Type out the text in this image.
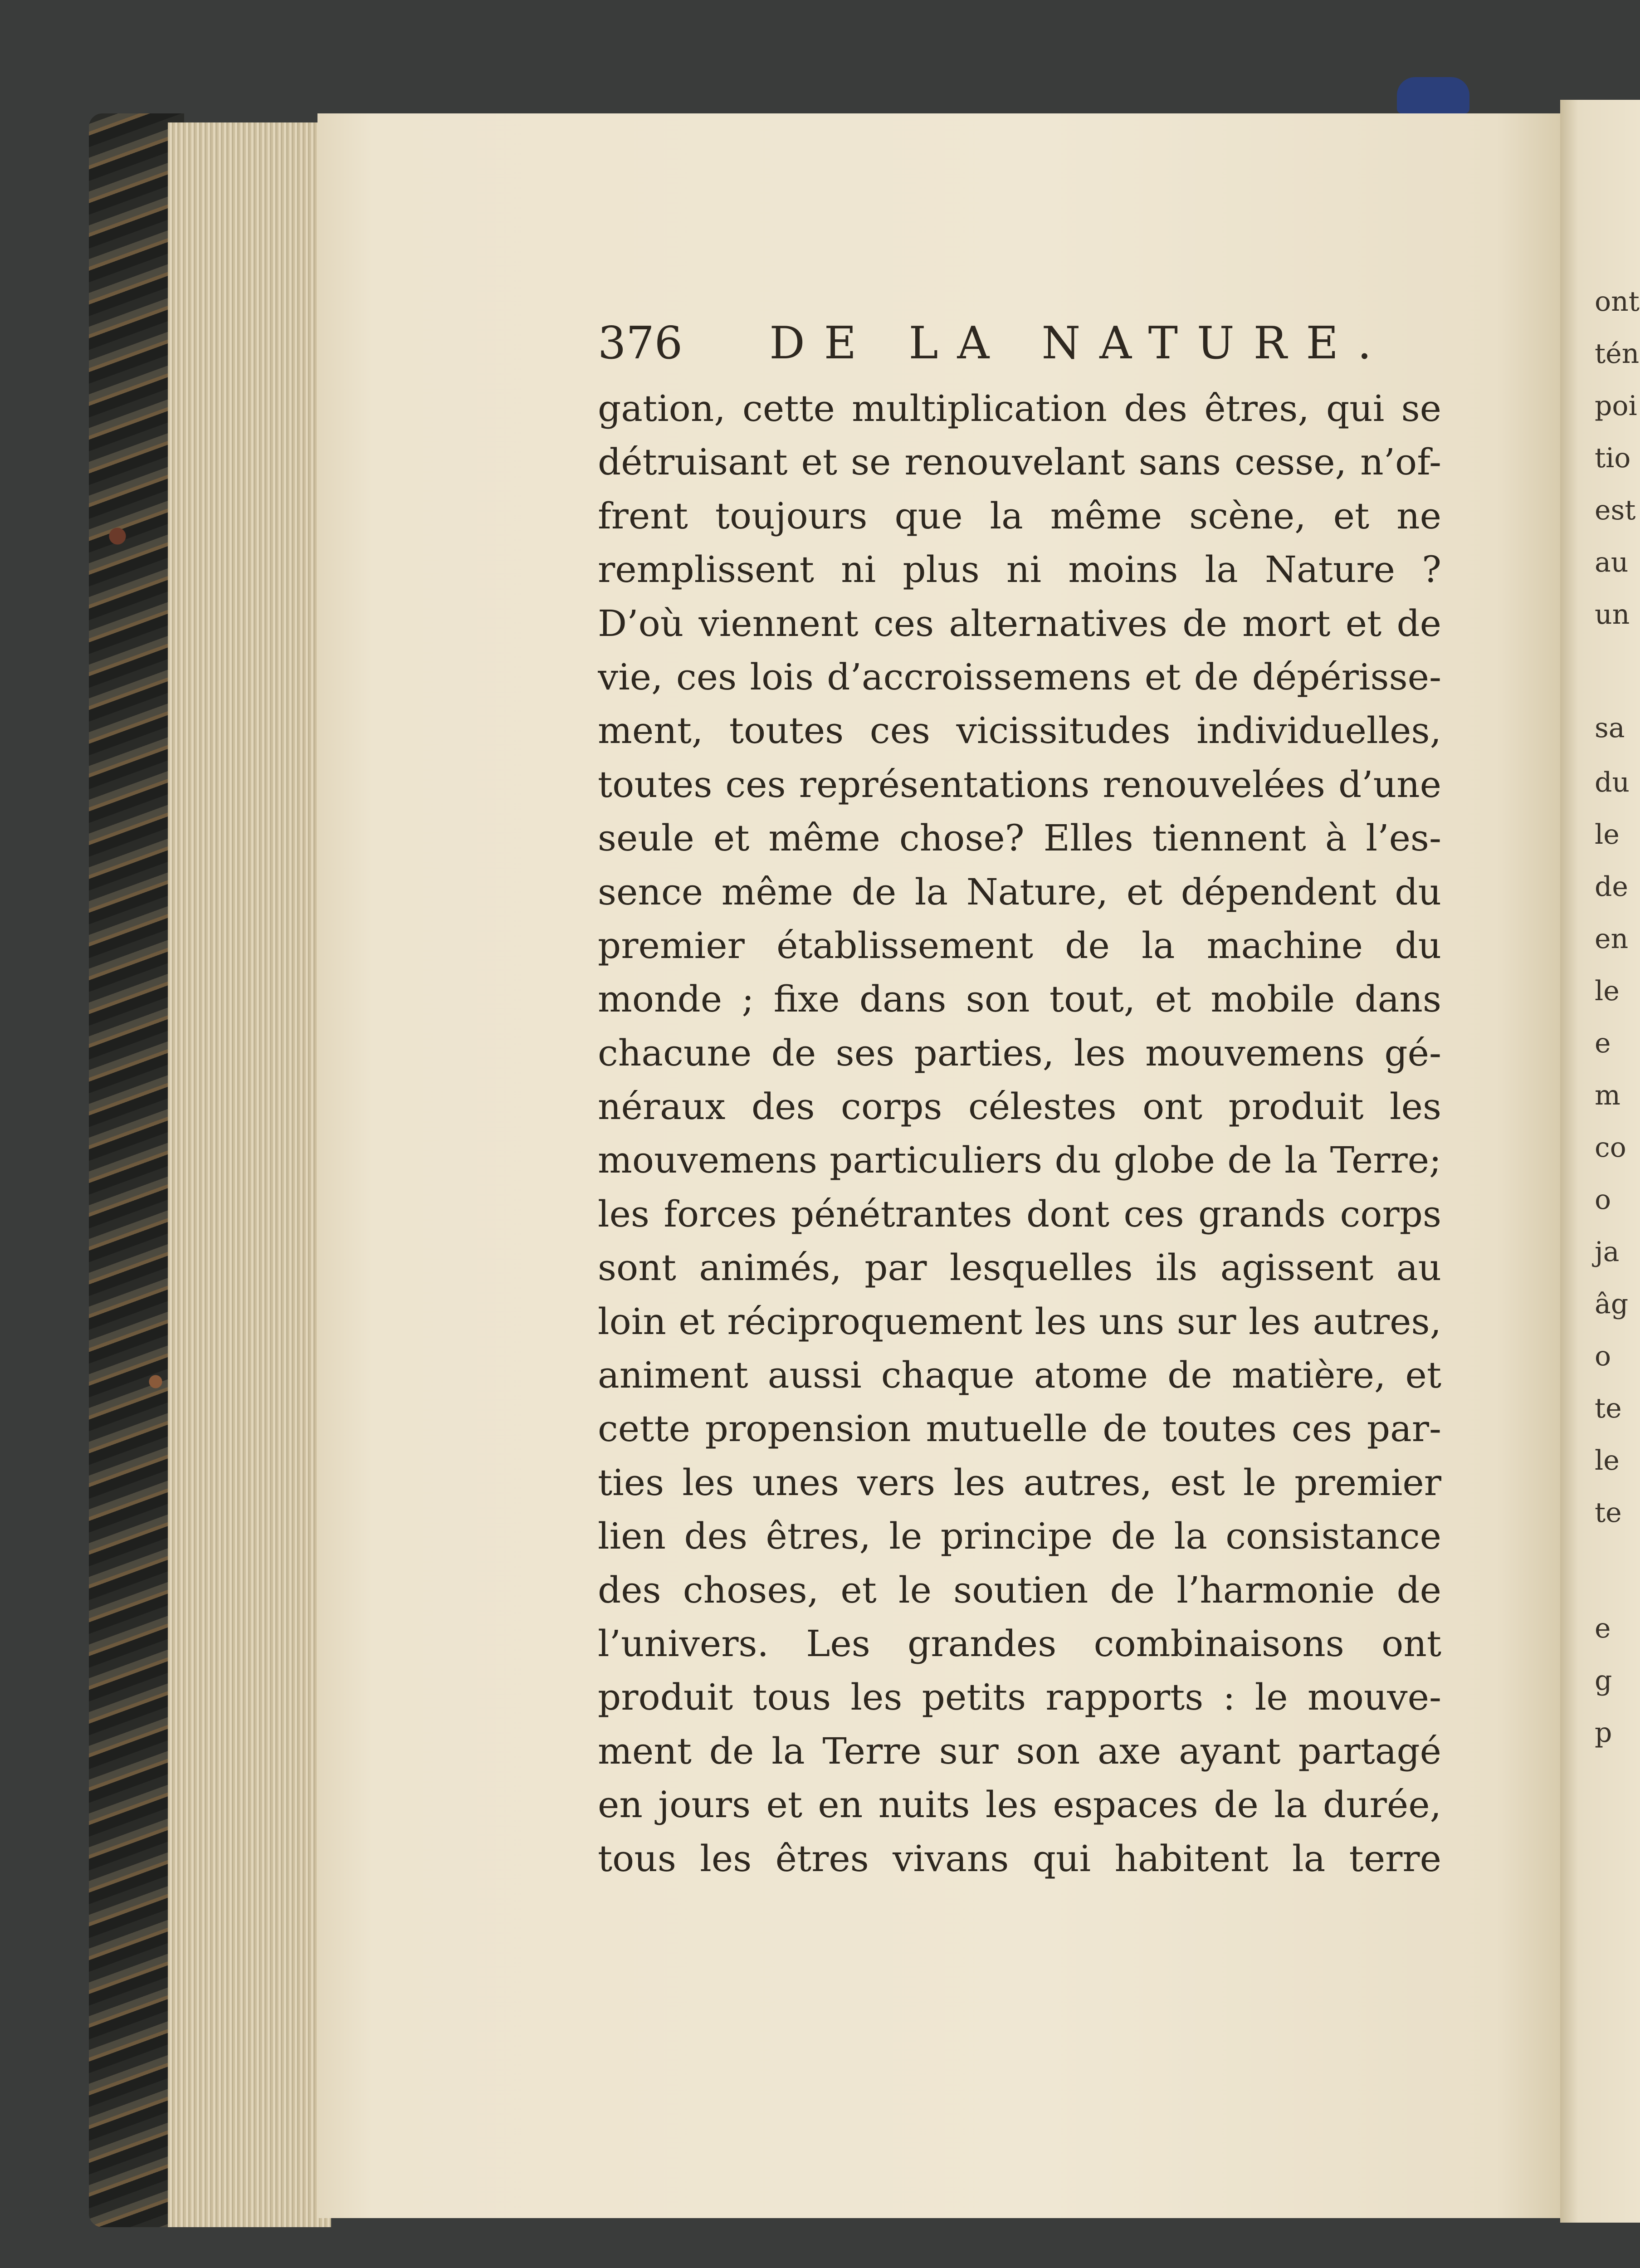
376 DE LA NATURE.
gation, cette multiplication des êtres, qui se
détruisant et se renouvelant sans cesse, n’of-
frent toujours que la même scène, et ne
remplissent ni plus ni moins la Nature ?
D’où viennent ces alternatives de mort et de
vie, ces lois d’accroissemens et de dépérisse-
ment, toutes ces vicissitudes individuelles,
toutes ces représentations renouvelées d’une
seule et même chose? Elles tiennent à l’es-
sence même de la Nature, et dépendent du
premier établissement de la machine du
monde ; fixe dans son tout, et mobile dans
chacune de ses parties, les mouvemens gé-
néraux des corps célestes ont produit les
mouvemens particuliers du globe de la Terre;
les forces pénétrantes dont ces grands corps
sont animés, par lesquelles ils agissent au
loin et réciproquement les uns sur les autres,
animent aussi chaque atome de matière, et
cette propension mutuelle de toutes ces par-
ties les unes vers les autres, est le premier
lien des êtres, le principe de la consistance
des choses, et le soutien de l’harmonie de
l’univers. Les grandes combinaisons ont
produit tous les petits rapports : le mouve-
ment de la Terre sur son axe ayant partagé
en jours et en nuits les espaces de la durée,
tous les êtres vivans qui habitent la terre
ont
tén
poi
tio
est
au
un
sa
du
le
de
en
le
e
m
co
o
ja
âg
o
te
le
te
e
g
p
